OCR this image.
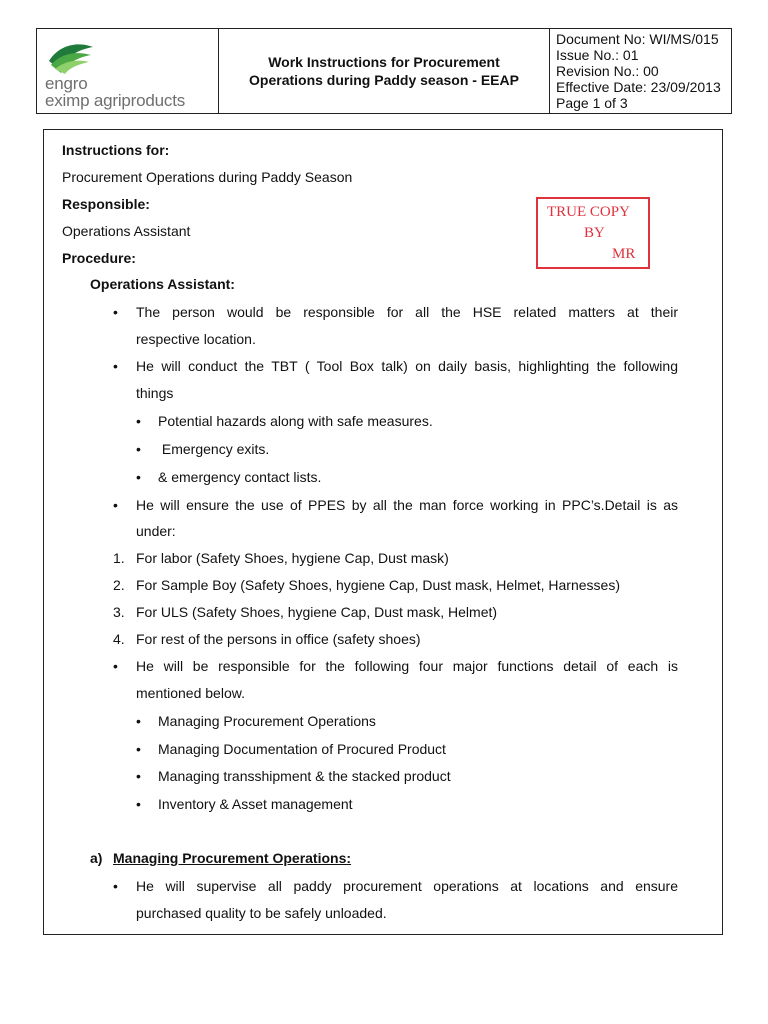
engro
eximp agriproducts
Work Instructions for Procurement
Operations during Paddy season - EEAP
Document No: WI/MS/015
Issue No.: 01
Revision No.: 00
Effective Date: 23/09/2013
Page 1 of 3
Instructions for:
Procurement Operations during Paddy Season
Responsible:
Operations Assistant
Procedure:
Operations Assistant:
TRUE COPY
BY
MR
• The person would be responsible for all the HSE related matters at their
respective location.
• He will conduct the TBT ( Tool Box talk) on daily basis, highlighting the following
things
• Potential hazards along with safe measures.
• Emergency exits.
• & emergency contact lists.
• He will ensure the use of PPES by all the man force working in PPC’s.Detail is as
under:
1. For labor (Safety Shoes, hygiene Cap, Dust mask)
2. For Sample Boy (Safety Shoes, hygiene Cap, Dust mask, Helmet, Harnesses)
3. For ULS (Safety Shoes, hygiene Cap, Dust mask, Helmet)
4. For rest of the persons in office (safety shoes)
• He will be responsible for the following four major functions detail of each is
mentioned below.
• Managing Procurement Operations
• Managing Documentation of Procured Product
• Managing transshipment & the stacked product
• Inventory & Asset management
a) Managing Procurement Operations:
• He will supervise all paddy procurement operations at locations and ensure
purchased quality to be safely unloaded.
